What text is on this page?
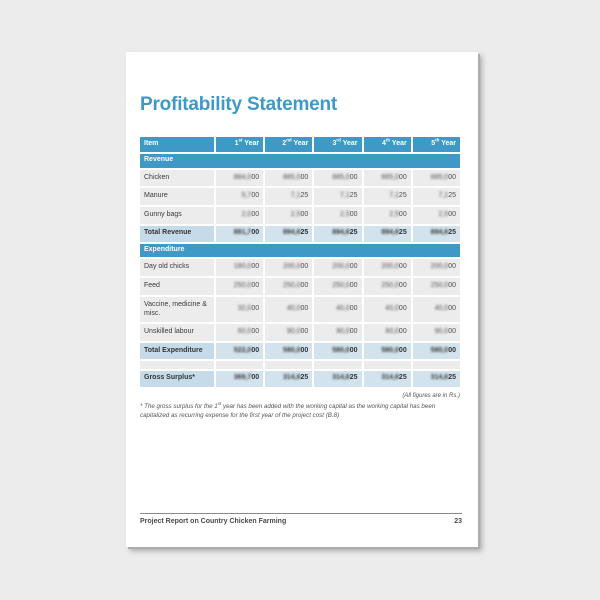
Profitability Statement
Item	1st Year	2nd Year	3rd Year	4th Year	5th Year
Revenue					
Chicken	884,000	885,000	885,000	885,000	885,000
Manure	5,700	7,125	7,125	7,125	7,125
Gunny bags	2,000	2,500	2,500	2,500	2,500
Total Revenue	891,700	894,625	894,625	894,625	894,625
Expenditure					
Day old chicks	180,000	200,000	200,000	200,000	200,000
Feed	250,000	250,000	250,000	250,000	250,000
Vaccine, medicine & misc.	32,000	40,000	40,000	40,000	40,000
Unskilled labour	60,000	90,000	90,000	90,000	90,000
Total Expenditure	522,000	580,000	580,000	580,000	580,000

Gross Surplus*	369,700	314,625	314,625	314,625	314,625
(All figures are in Rs.)
* The gross surplus for the 1st year has been added with the working capital as the working capital has been capitalized as recurring expense for the first year of the project cost (B.8)
Project Report on Country Chicken Farming	23
